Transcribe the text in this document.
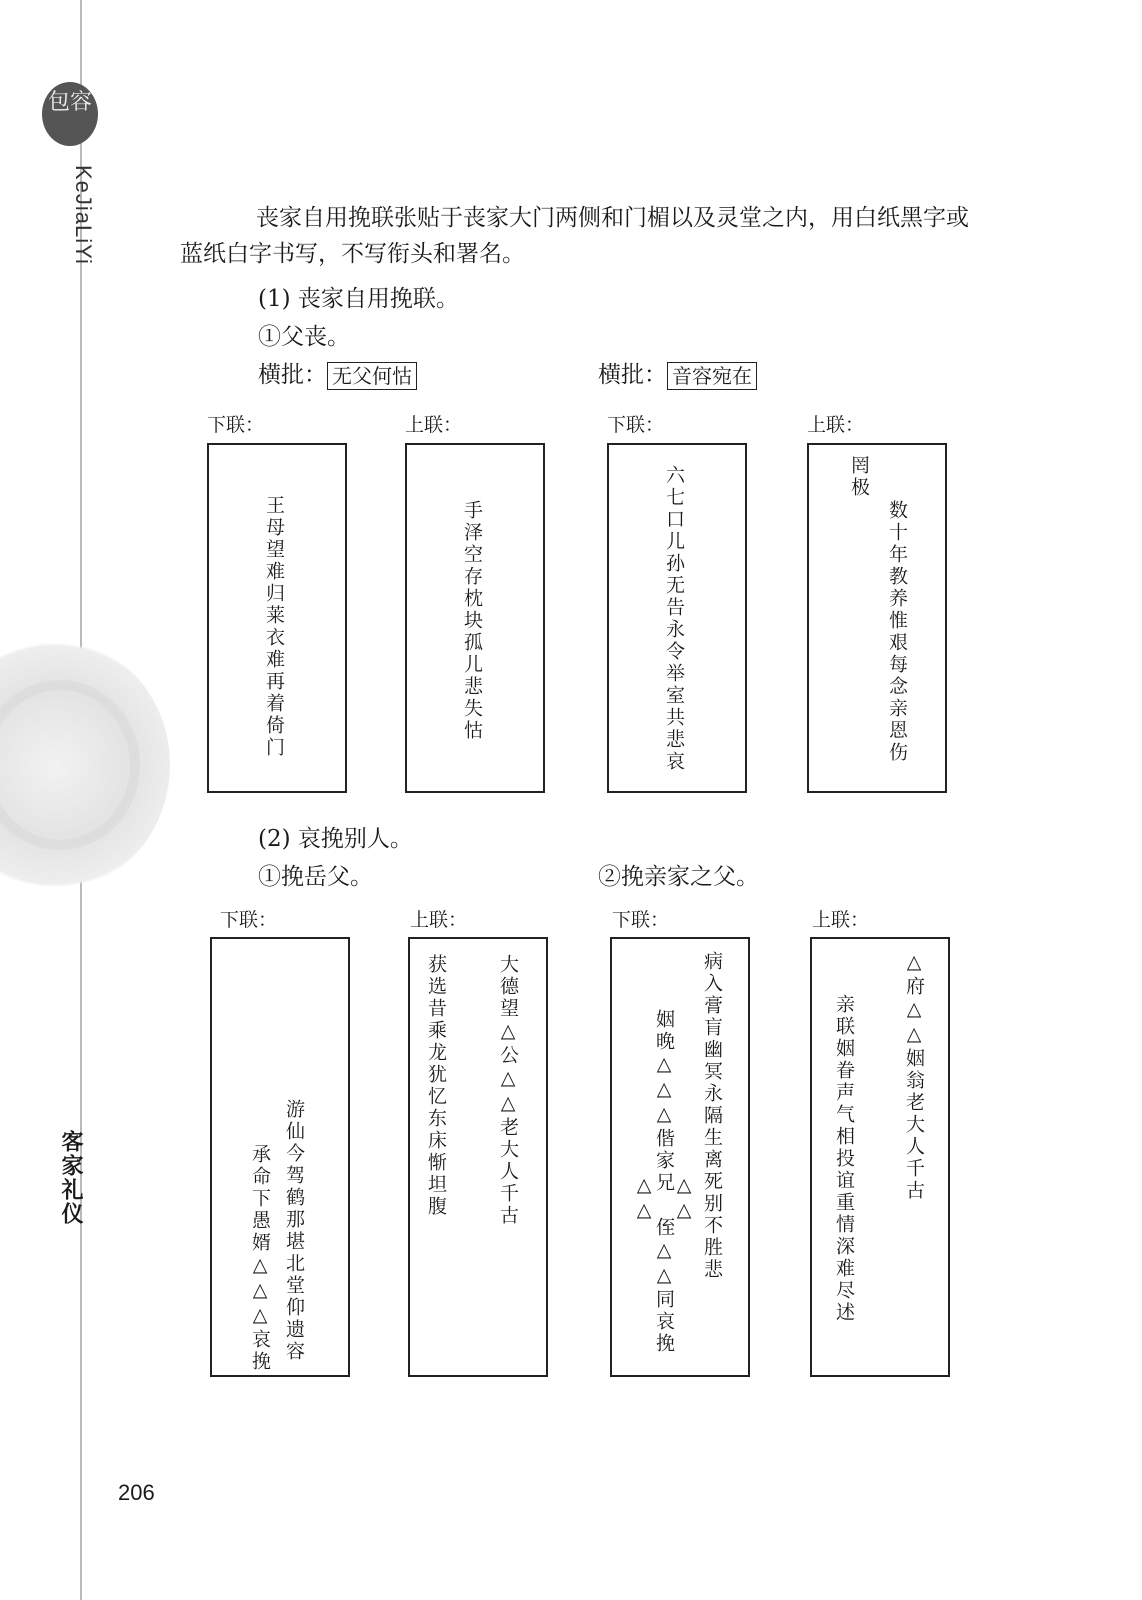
包容
KeJiaLiYi
客家礼仪

丧家自用挽联张贴于丧家大门两侧和门楣以及灵堂之内，用白纸黑字或蓝纸白字书写，不写衔头和署名。

(1) 丧家自用挽联。
①父丧。
横批： 无父何怙	横批： 音容宛在
下联：
王母望难归莱衣难再着倚门
上联：
手泽空存枕块孤儿悲失怙
下联：
六七口儿孙无告永令举室共悲哀
上联：
罔极
数十年教养惟艰每念亲恩伤
(2) 哀挽别人。
①挽岳父。	②挽亲家之父。
下联：
游仙今驾鹤那堪北堂仰遗容
承命下愚婿△△△哀挽
上联：
大德望△公△△老大人千古
获选昔乘龙犹忆东床惭坦腹
下联：
病入膏肓幽冥永隔生离死别不胜悲
姻晚△△△偕家兄
△△ △△
侄△△同哀挽
上联：
△府△△姻翁老大人千古
亲联姻眷声气相投谊重情深难尽述
206
